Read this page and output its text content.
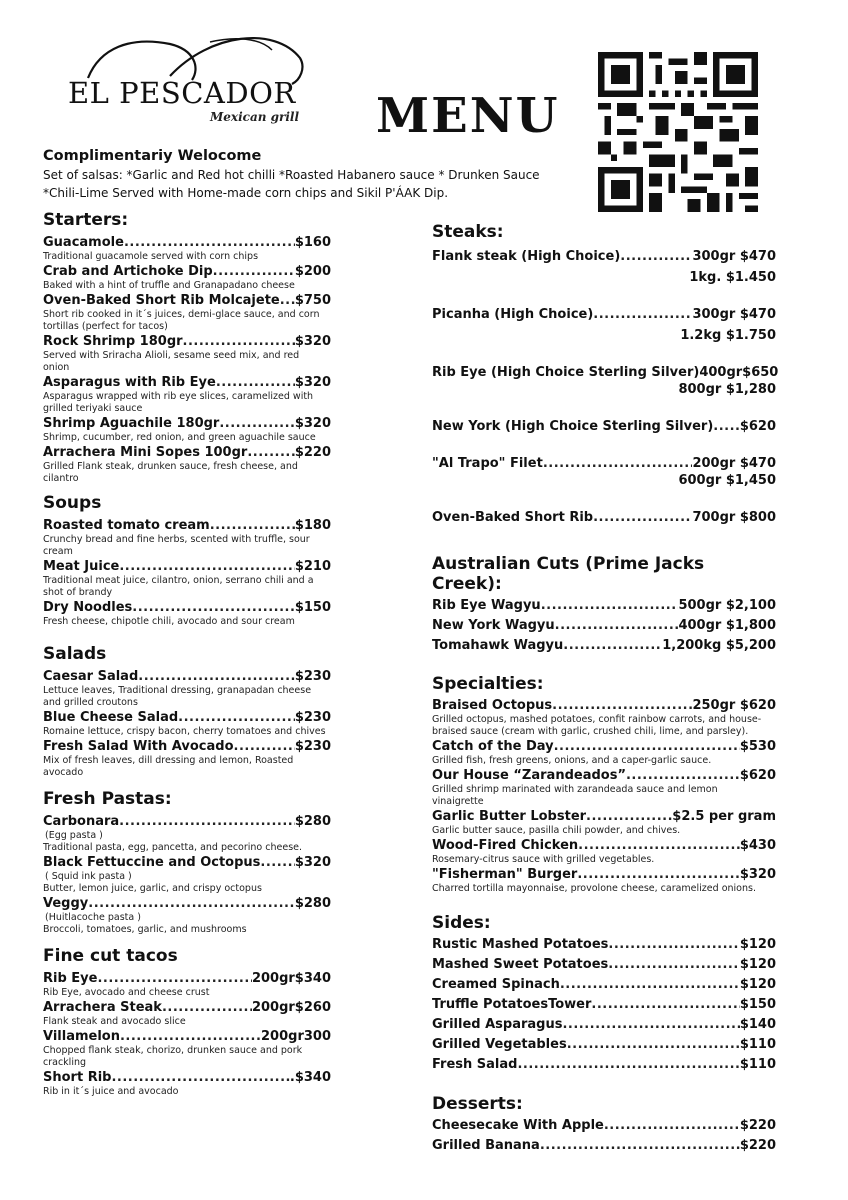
EL PESCADOR
Mexican grill MENU
Complimentariy Welocome
Set of salsas: *Garlic and Red hot chilli *Roasted Habanero sauce * Drunken Sauce
*Chili-Lime Served with Home-made corn chips and Sikil P'ÁAK Dip.
Starters:
Guacamole .....	$160
Traditional guacamole served with corn chips
Crab and Artichoke Dip .....	$200
Baked with a hint of truffle and Granapadano cheese
Oven-Baked Short Rib Molcajete ..... $750
Short rib cooked in it´s juices, demi-glace sauce, and corn tortillas (perfect for tacos)
Rock Shrimp 180gr .....	$320
Served with Sriracha Alioli, sesame seed mix, and red onion
Asparagus with Rib Eye .....	$320
Asparagus wrapped with rib eye slices, caramelized with grilled teriyaki sauce
Shrimp Aguachile 180gr .....	$320
Shrimp, cucumber, red onion, and green aguachile sauce
Arrachera Mini Sopes 100gr .....	$220
Grilled Flank steak, drunken sauce, fresh cheese, and cilantro
Soups
Roasted tomato cream .....	$180
Crunchy bread and fine herbs, scented with truffle, sour cream
Meat Juice .....	$210
Traditional meat juice, cilantro, onion, serrano chili and a shot of brandy
Dry Noodles .....	$150
Fresh cheese, chipotle chili, avocado and sour cream
Salads
Caesar Salad .....	$230
Lettuce leaves, Traditional dressing, granapadan cheese and grilled croutons
Blue Cheese Salad .....	$230
Romaine lettuce, crispy bacon, cherry tomatoes and chives
Fresh Salad With Avocado .....	$230
Mix of fresh leaves, dill dressing and lemon, Roasted avocado
Fresh Pastas:
Carbonara .....	$280
(Egg pasta )
Traditional pasta, egg, pancetta, and pecorino cheese.
Black Fettuccine and Octopus .....	$320
( Squid ink pasta )
Butter, lemon juice, garlic, and crispy octopus
Veggy .....	$280
(Huitlacoche pasta )
Broccoli, tomatoes, garlic, and mushrooms
Fine cut tacos
Rib Eye .....	200gr$340
Rib Eye, avocado and cheese crust
Arrachera Steak .....	200gr$260
Flank steak and avocado slice
Villamelon .....	200gr300
Chopped flank steak, chorizo, drunken sauce and pork crackling
Short Rib .....	.$340
Rib in it´s juice and avocado
Steaks:
Flank steak (High Choice) .....	300gr $470
1kg. $1.450
Picanha (High Choice) .....	300gr $470
1.2kg $1.750
Rib Eye (High Choice Sterling Silver) 400gr$650
800gr $1,280
New York (High Choice Sterling Silver) ..... $620
"Al Trapo" Filet .....	200gr $470
600gr $1,450
Oven-Baked Short Rib .....	700gr $800
Australian Cuts (Prime Jacks Creek):
Rib Eye Wagyu .....	500gr $2,100
New York Wagyu .....	400gr $1,800
Tomahawk Wagyu .....	1,200kg $5,200
Specialties:
Braised Octopus .....	250gr $620
Grilled octopus, mashed potatoes, confit rainbow carrots, and house-braised sauce (cream with garlic, crushed chili, lime, and parsley).
Catch of the Day .....	$530
Grilled fish, fresh greens, onions, and a caper-garlic sauce.
Our House “Zarandeados” .....	$620
Grilled shrimp marinated with zarandeada sauce and lemon vinaigrette
Garlic Butter Lobster .....	$2.5 per gram
Garlic butter sauce, pasilla chili powder, and chives.
Wood-Fired Chicken .....	$430
Rosemary-citrus sauce with grilled vegetables.
"Fisherman" Burger .....	$320
Charred tortilla mayonnaise, provolone cheese, caramelized onions.
Sides:
Rustic Mashed Potatoes .....	$120
Mashed Sweet Potatoes .....	$120
Creamed Spinach .....	$120
Truffle PotatoesTower .....	$150
Grilled Asparagus .....	$140
Grilled Vegetables .....	$110
Fresh Salad .....	$110
Desserts:
Cheesecake With Apple .....	$220
Grilled Banana .....	$220
